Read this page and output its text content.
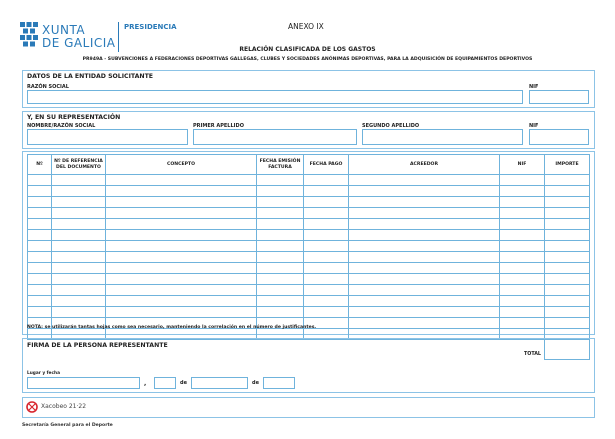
XUNTA
DE GALICIA
PRESIDENCIA	ANEXO IX
RELACIÓN CLASIFICADA DE LOS GASTOS
PR949A - SUBVENCIONES A FEDERACIONES DEPORTIVAS GALLEGAS, CLUBES Y SOCIEDADES ANÓNIMAS DEPORTIVAS, PARA LA ADQUISICIÓN DE EQUIPAMIENTOS DEPORTIVOS
DATOS DE LA ENTIDAD SOLICITANTE
RAZÓN SOCIAL	NIF
Y, EN SU REPRESENTACIÓN
NOMBRE/RAZÓN SOCIAL	PRIMER APELLIDO	SEGUNDO APELLIDO	NIF
Nº	Nº DE REFERENCIA DEL DOCUMENTO	CONCEPTO	FECHA EMISIÓN FACTURA	FECHA PAGO	ACREEDOR	NIF	IMPORTE

TOTAL							
NOTA: se utilizarán tantas hojas como sea necesario, manteniendo la correlación en el número de justificantes.
FIRMA DE LA PERSONA REPRESENTANTE
Lugar y fecha
,	de	de
Xacobeo 21·22
Secretaría General para el Deporte
